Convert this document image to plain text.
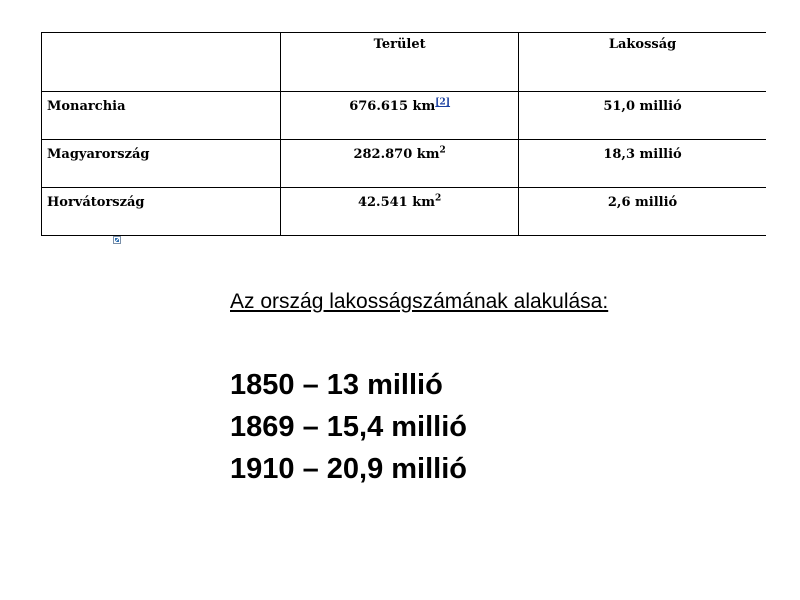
	Terület	Lakosság
Monarchia	676.615 km[2]	51,0 millió
Magyarország	282.870 $km^2$	18,3 millió
Horvátország	42.541 $km^2$	2,6 millió

Az ország lakosságszámának alakulása:

1850 – 13 millió
1869 – 15,4 millió
1910 – 20,9 millió
